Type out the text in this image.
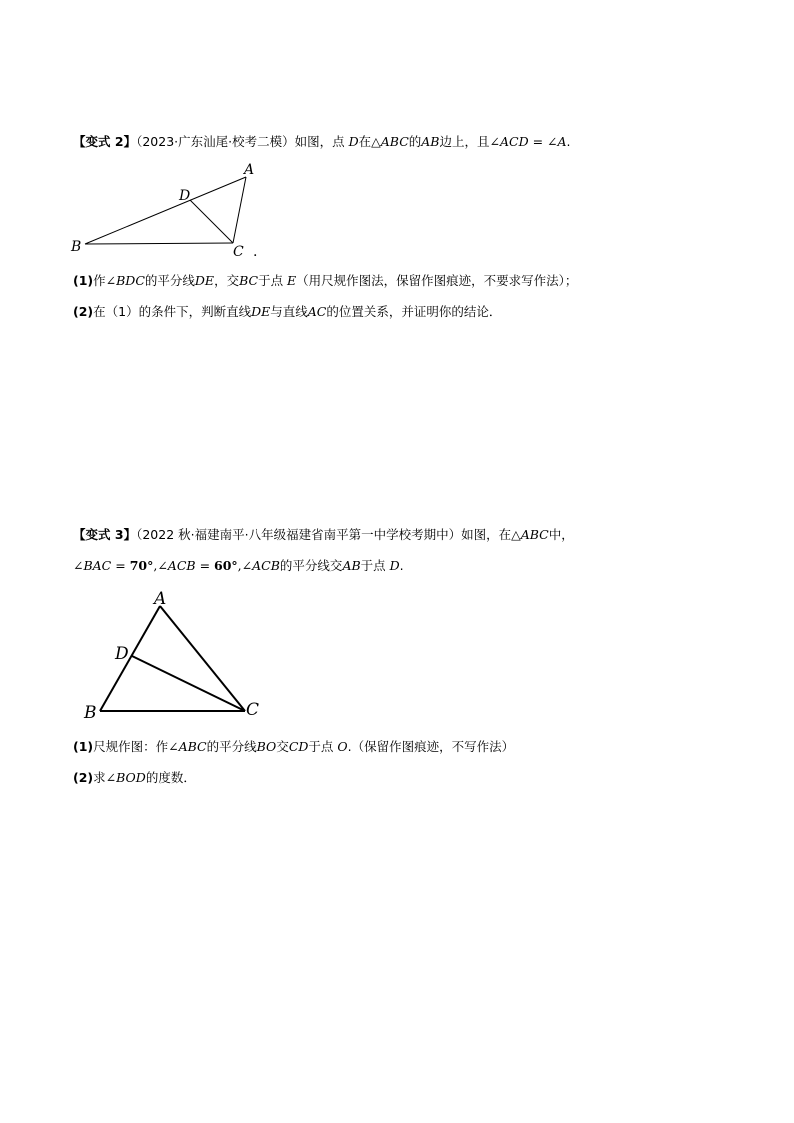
【变式 2】（2023·广东汕尾·校考二模）如图，点 D在△ABC的AB边上，且∠ACD = ∠A.
A
D
B	C .
(1)作∠BDC的平分线DE，交BC于点 E（用尺规作图法，保留作图痕迹，不要求写作法）；
(2)在（1）的条件下，判断直线DE与直线AC的位置关系，并证明你的结论．
【变式 3】（2022 秋·福建南平·八年级福建省南平第一中学校考期中）如图，在△ABC中，
∠BAC = 70°,∠ACB = 60°,∠ACB的平分线交AB于点 D.
A
D
B	C
(1)尺规作图：作∠ABC的平分线BO交CD于点 O.（保留作图痕迹，不写作法）
(2)求∠BOD的度数．
